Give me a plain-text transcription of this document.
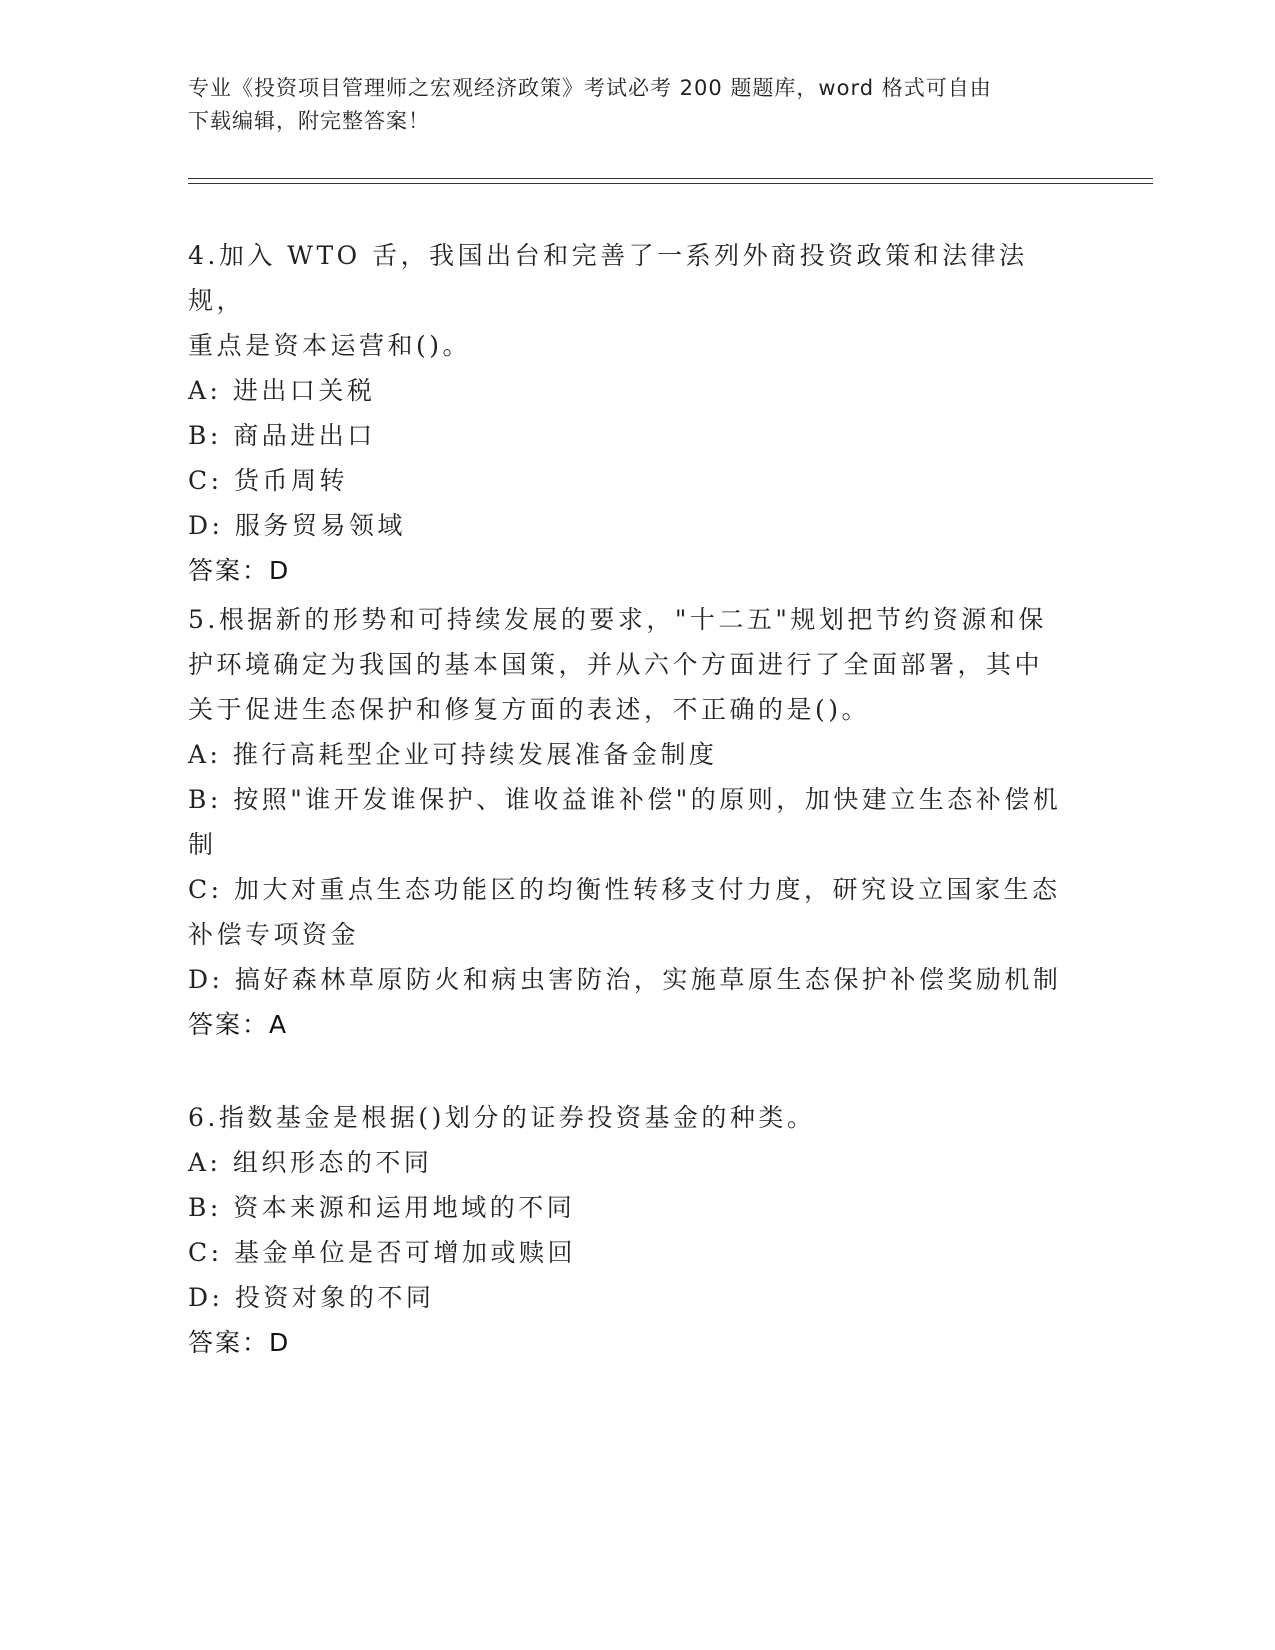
专业《投资项目管理师之宏观经济政策》考试必考 200 题题库，word 格式可自由
下载编辑，附完整答案！
4.加入 WTO 舌，我国出台和完善了一系列外商投资政策和法律法规，
重点是资本运营和()。
A: 进出口关税
B: 商品进出口
C: 货币周转
D: 服务贸易领域
答案：D
5.根据新的形势和可持续发展的要求，"十二五"规划把节约资源和保
护环境确定为我国的基本国策，并从六个方面进行了全面部署，其中
关于促进生态保护和修复方面的表述，不正确的是()。
A: 推行高耗型企业可持续发展准备金制度
B: 按照"谁开发谁保护、谁收益谁补偿"的原则，加快建立生态补偿机
制
C: 加大对重点生态功能区的均衡性转移支付力度，研究设立国家生态
补偿专项资金
D: 搞好森林草原防火和病虫害防治，实施草原生态保护补偿奖励机制
答案：A
6.指数基金是根据()划分的证券投资基金的种类。
A: 组织形态的不同
B: 资本来源和运用地域的不同
C: 基金单位是否可增加或赎回
D: 投资对象的不同
答案：D
